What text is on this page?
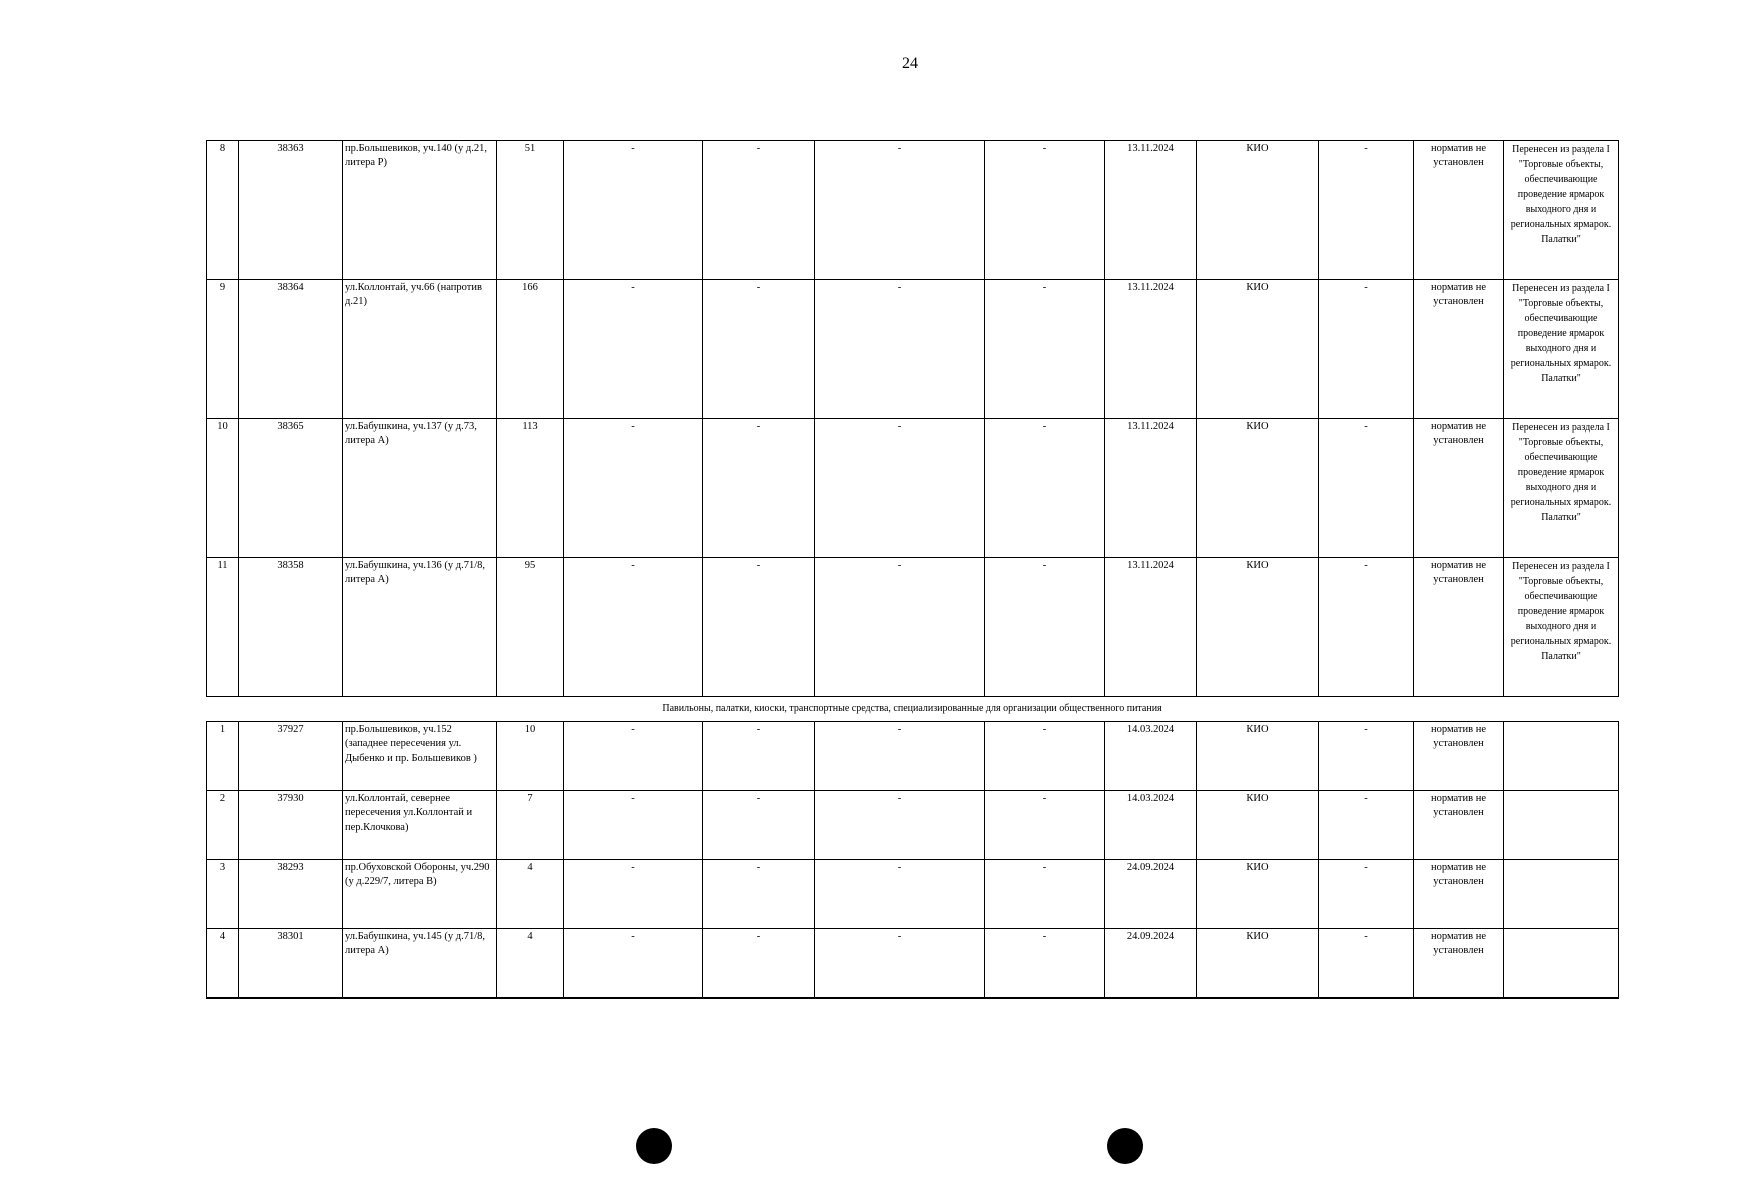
24
8	38363	пр.Большевиков, уч.140 (у д.21, литера Р)	51	-	-	-	-	13.11.2024	КИО	-	норматив не установлен	Перенесен из раздела I "Торговые объекты, обеспечивающие проведение ярмарок выходного дня и региональных ярмарок. Палатки"
9	38364	ул.Коллонтай, уч.66 (напротив д.21)	166	-	-	-	-	13.11.2024	КИО	-	норматив не установлен	Перенесен из раздела I "Торговые объекты, обеспечивающие проведение ярмарок выходного дня и региональных ярмарок. Палатки"
10	38365	ул.Бабушкина, уч.137 (у д.73, литера А)	113	-	-	-	-	13.11.2024	КИО	-	норматив не установлен	Перенесен из раздела I "Торговые объекты, обеспечивающие проведение ярмарок выходного дня и региональных ярмарок. Палатки"
11	38358	ул.Бабушкина, уч.136 (у д.71/8, литера А)	95	-	-	-	-	13.11.2024	КИО	-	норматив не установлен	Перенесен из раздела I "Торговые объекты, обеспечивающие проведение ярмарок выходного дня и региональных ярмарок. Палатки"
Павильоны, палатки, киоски, транспортные средства, специализированные для организации общественного питания
1	37927	пр.Большевиков, уч.152 (западнее пересечения ул. Дыбенко и пр. Большевиков )	10	-	-	-	-	14.03.2024	КИО	-	норматив не установлен	
2	37930	ул.Коллонтай, севернее пересечения ул.Коллонтай и пер.Клочкова)	7	-	-	-	-	14.03.2024	КИО	-	норматив не установлен	
3	38293	пр.Обуховской Обороны, уч.290 (у д.229/7, литера В)	4	-	-	-	-	24.09.2024	КИО	-	норматив не установлен	
4	38301	ул.Бабушкина, уч.145 (у д.71/8, литера А)	4	-	-	-	-	24.09.2024	КИО	-	норматив не установлен	
